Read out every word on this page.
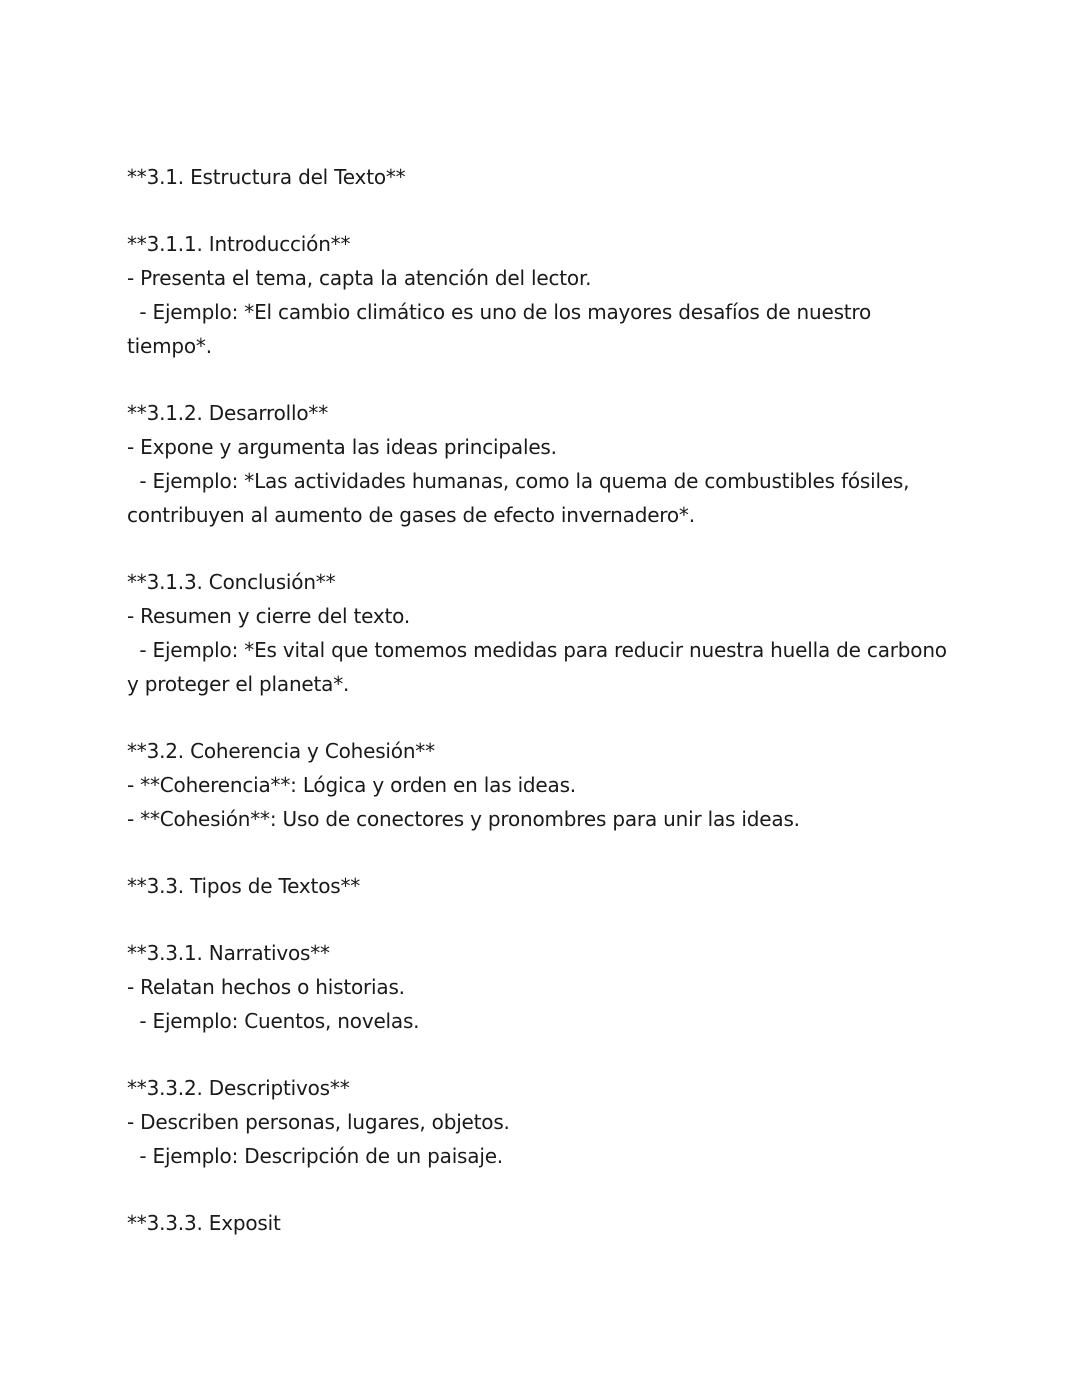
**3.1. Estructura del Texto**
**3.1.1. Introducción**
- Presenta el tema, capta la atención del lector.
- Ejemplo: *El cambio climático es uno de los mayores desafíos de nuestro
tiempo*.
**3.1.2. Desarrollo**
- Expone y argumenta las ideas principales.
- Ejemplo: *Las actividades humanas, como la quema de combustibles fósiles,
contribuyen al aumento de gases de efecto invernadero*.
**3.1.3. Conclusión**
- Resumen y cierre del texto.
- Ejemplo: *Es vital que tomemos medidas para reducir nuestra huella de carbono
y proteger el planeta*.
**3.2. Coherencia y Cohesión**
- **Coherencia**: Lógica y orden en las ideas.
- **Cohesión**: Uso de conectores y pronombres para unir las ideas.
**3.3. Tipos de Textos**
**3.3.1. Narrativos**
- Relatan hechos o historias.
- Ejemplo: Cuentos, novelas.
**3.3.2. Descriptivos**
- Describen personas, lugares, objetos.
- Ejemplo: Descripción de un paisaje.
**3.3.3. Exposit
